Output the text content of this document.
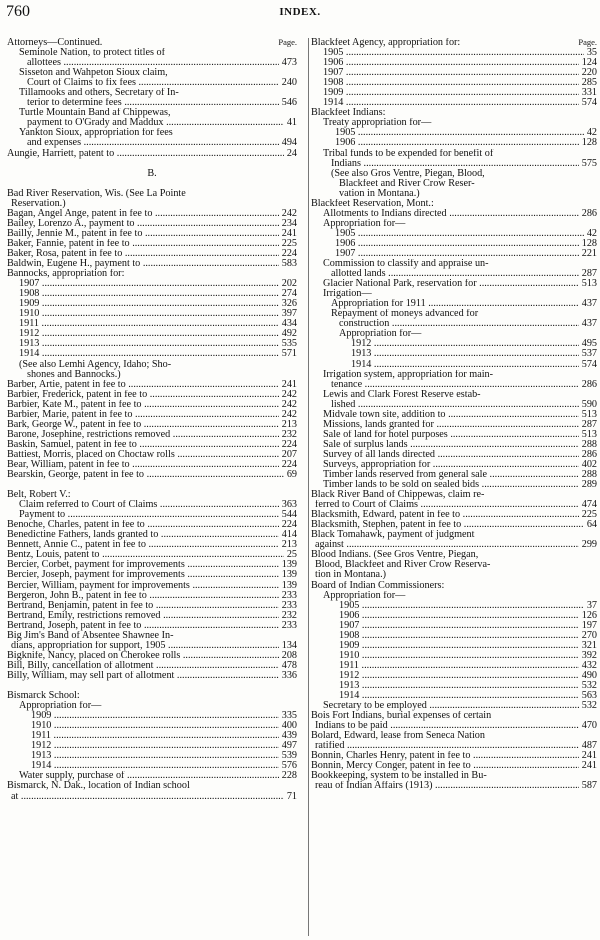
760	INDEX.
Page.
Attorneys—Continued.
Seminole Nation, to protect titles of
allottees .....	473
Sisseton and Wahpeton Sioux claim,
Court of Claims to fix fees .....	240
Tillamooks and others, Secretary of In-
terior to determine fees .....	546
Turtle Mountain Band af Chippewas,
payment to O'Grady and Maddux .....	41
Yankton Sioux, appropriation for fees
and expenses .....	494
Aungie, Harriett, patent to .....	24
B.
Bad River Reservation, Wis. (See La Pointe
Reservation.)
Bagan, Angel Ange, patent in fee to .....	242
Bailey, Lorenzo A., payment to .....	234
Bailly, Jennie M., patent in fee to .....	241
Baker, Fannie, patent in fee to .....	225
Baker, Rosa, patent in fee to .....	224
Baldwin, Eugene H., payment to .....	583
Bannocks, appropriation for:
1907 .....	202
1908 .....	274
1909 .....	326
1910 .....	397
1911 .....	434
1912 .....	492
1913 .....	535
1914 .....	571
(See also Lemhi Agency, Idaho; Sho-
shones and Bannocks.)
Barber, Artie, patent in fee to .....	241
Barbier, Frederick, patent in fee to .....	242
Barbier, Kate M., patent in fee to .....	242
Barbier, Marie, patent in fee to .....	242
Bark, George W., patent in fee to .....	213
Barone, Josephine, restrictions removed .....	232
Baskin, Samuel, patent in fee to .....	224
Battiest, Morris, placed on Choctaw rolls .....	207
Bear, William, patent in fee to .....	224
Bearskin, George, patent in fee to .....	69
Belt, Robert V.:
Claim referred to Court of Claims .....	363
Payment to .....	544
Benoche, Charles, patent in fee to .....	224
Benedictine Fathers, lands granted to .....	414
Bennett, Annie C., patent in fee to .....	213
Bentz, Louis, patent to .....	25
Bercier, Corbet, payment for improvements .....	139
Bercier, Joseph, payment for improvements .....	139
Bercier, William, payment for improvements .....	139
Bergeron, John B., patent in fee to .....	233
Bertrand, Benjamin, patent in fee to .....	233
Bertrand, Emily, restrictions removed .....	232
Bertrand, Joseph, patent in fee to .....	233
Big Jim's Band of Absentee Shawnee In-
dians, appropriation for support, 1905 .....	134
Bigknife, Nancy, placed on Cherokee rolls .....	208
Bill, Billy, cancellation of allotment .....	478
Billy, William, may sell part of allotment .....	336
Bismarck School:
Appropriation for—
1909 .....	335
1910 .....	400
1911 .....	439
1912 .....	497
1913 .....	539
1914 .....	576
Water supply, purchase of .....	228
Bismarck, N. Dak., location of Indian school
at .....	71
Page.
Blackfeet Agency, appropriation for:
1905 .....	35
1906 .....	124
1907 .....	220
1908 .....	285
1909 .....	331
1914 .....	574
Blackfeet Indians:
Treaty appropriation for—
1905 .....	42
1906 .....	128
Tribal funds to be expended for benefit of
Indians .....	575
(See also Gros Ventre, Piegan, Blood,
Blackfeet and River Crow Reser-
vation in Montana.)
Blackfeet Reservation, Mont.:
Allotments to Indians directed .....	286
Appropriation for—
1905 .....	42
1906 .....	128
1907 .....	221
Commission to classify and appraise un-
allotted lands .....	287
Glacier National Park, reservation for .....	513
Irrigation—
Appropriation for 1911 .....	437
Repayment of moneys advanced for
construction .....	437
Appropriation for—
1912 .....	495
1913 .....	537
1914 .....	574
Irrigation system, appropriation for main-
tenance .....	286
Lewis and Clark Forest Reserve estab-
lished .....	590
Midvale town site, addition to .....	513
Missions, lands granted for .....	287
Sale of land for hotel purposes .....	513
Sale of surplus lands .....	288
Survey of all lands directed .....	286
Surveys, appropriation for .....	402
Timber lands reserved from general sale .....	288
Timber lands to be sold on sealed bids .....	289
Black River Band of Chippewas, claim re-
ferred to Court of Claims .....	474
Blacksmith, Edward, patent in fee to .....	225
Blacksmith, Stephen, patent in fee to .....	64
Black Tomahawk, payment of judgment
against .....	299
Blood Indians. (See Gros Ventre, Piegan,
Blood, Blackfeet and River Crow Reserva-
tion in Montana.)
Board of Indian Commissioners:
Appropriation for—
1905 .....	37
1906 .....	126
1907 .....	197
1908 .....	270
1909 .....	321
1910 .....	392
1911 .....	432
1912 .....	490
1913 .....	532
1914 .....	563
Secretary to be employed .....	532
Bois Fort Indians, burial expenses of certain
Indians to be paid .....	470
Bolard, Edward, lease from Seneca Nation
ratified .....	487
Bonnin, Charles Henry, patent in fee to .....	241
Bonnin, Mercy Conger, patent in fee to .....	241
Bookkeeping, system to be installed in Bu-
reau of Indian Affairs (1913) .....	587
